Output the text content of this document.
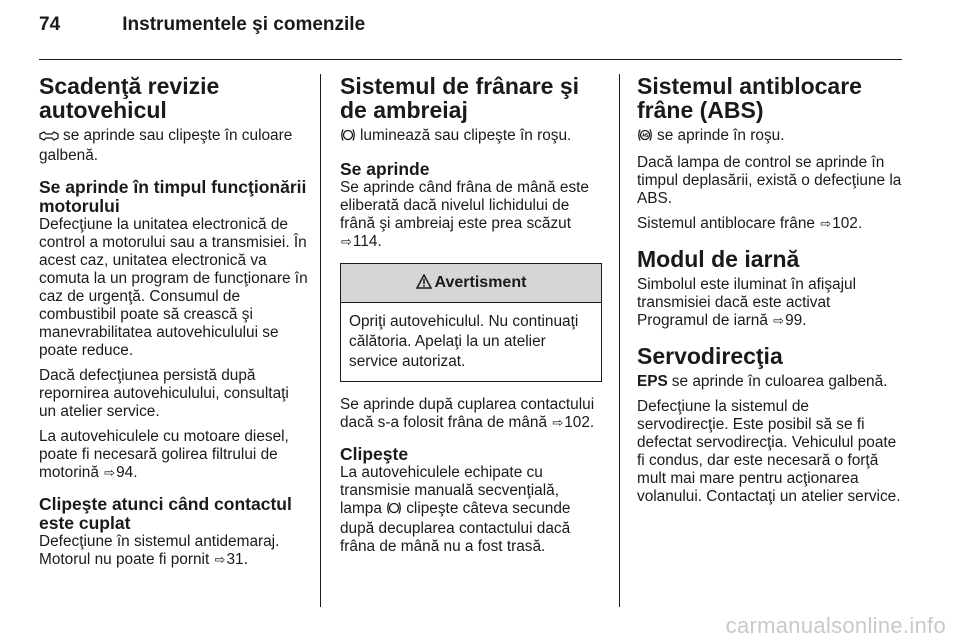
74	Instrumentele şi comenzile
Scadenţă revizie autovehicul

se aprinde sau clipeşte în culoare galbenă.

Se aprinde în timpul funcţionării motorului

Defecţiune la unitatea electronică de control a motorului sau a transmisiei. În acest caz, unitatea electronică va comuta la un program de funcţionare în caz de urgenţă. Consumul de combustibil poate să crească şi manevrabilitatea autovehiculului se poate reduce.

Dacă defecţiunea persistă după repornirea autovehiculului, consultaţi un atelier service.

La autovehiculele cu motoare diesel, poate fi necesară golirea filtrului de motorină ⇨94.

Clipeşte atunci când contactul este cuplat

Defecţiune în sistemul antidemaraj. Motorul nu poate fi pornit ⇨31.

Sistemul de frânare şi de ambreiaj

luminează sau clipeşte în roşu.

Se aprinde

Se aprinde când frâna de mână este eliberată dacă nivelul lichidului de frână şi ambreiaj este prea scăzut ⇨114.

Avertisment
Opriţi autovehiculul. Nu continuaţi călătoria. Apelaţi la un atelier service autorizat.

Se aprinde după cuplarea contactului dacă s-a folosit frâna de mână ⇨102.

Clipeşte

La autovehiculele echipate cu transmisie manuală secvenţială, lampa clipeşte câteva secunde după decuplarea contactului dacă frâna de mână nu a fost trasă.

Sistemul antiblocare frâne (ABS)

se aprinde în roşu.

Dacă lampa de control se aprinde în timpul deplasării, există o defecţiune la ABS.

Sistemul antiblocare frâne ⇨102.

Modul de iarnă

Simbolul este iluminat în afişajul transmisiei dacă este activat Programul de iarnă ⇨99.

Servodirecţia

EPS se aprinde în culoarea galbenă.

Defecţiune la sistemul de servodirecţie. Este posibil să se fi defectat servodirecţia. Vehiculul poate fi condus, dar este necesară o forţă mult mai mare pentru acţionarea volanului. Contactaţi un atelier service.

carmanualsonline.info
